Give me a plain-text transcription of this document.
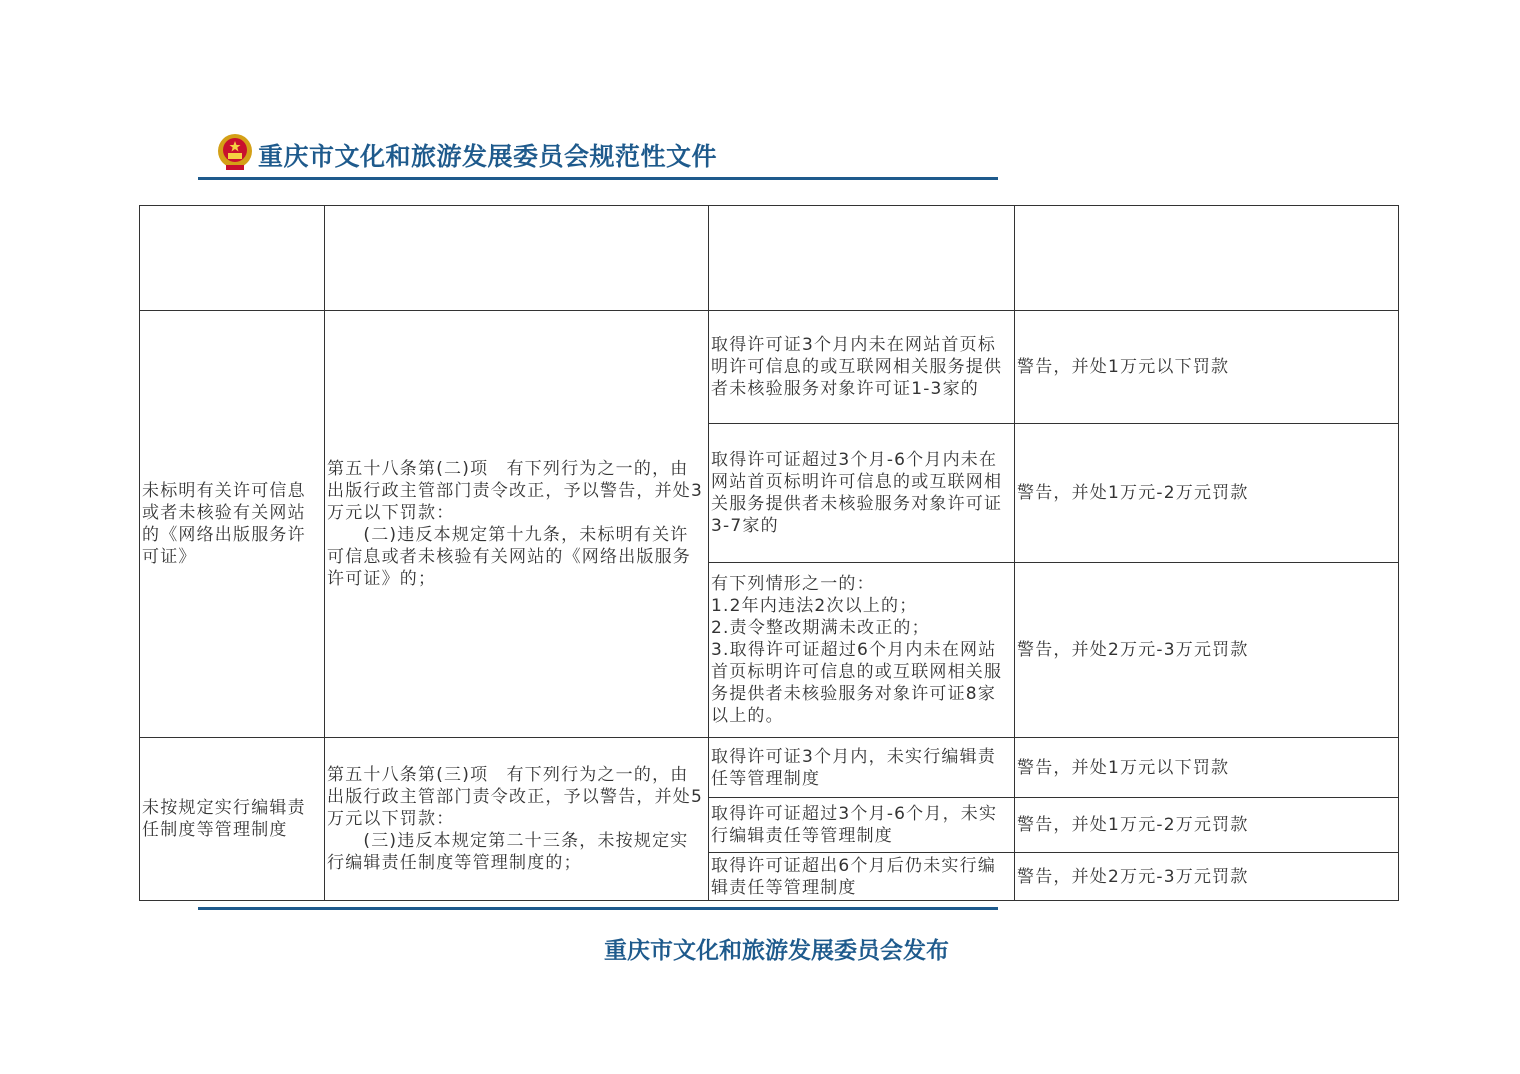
重庆市文化和旅游发展委员会规范性文件
未标明有关许可信息或者未核验有关网站的《网络出版服务许可证》
第五十八条第(二)项　有下列行为之一的，由出版行政主管部门责令改正，予以警告，并处3万元以下罚款：
　　(二)违反本规定第十九条，未标明有关许可信息或者未核验有关网站的《网络出版服务许可证》的；
取得许可证3个月内未在网站首页标明许可信息的或互联网相关服务提供者未核验服务对象许可证1-3家的
警告，并处1万元以下罚款
取得许可证超过3个月-6个月内未在网站首页标明许可信息的或互联网相关服务提供者未核验服务对象许可证3-7家的
警告，并处1万元-2万元罚款
有下列情形之一的：
1.2年内违法2次以上的；
2.责令整改期满未改正的；
3.取得许可证超过6个月内未在网站首页标明许可信息的或互联网相关服务提供者未核验服务对象许可证8家以上的。
警告，并处2万元-3万元罚款
未按规定实行编辑责任制度等管理制度
第五十八条第(三)项　有下列行为之一的，由出版行政主管部门责令改正，予以警告，并处5万元以下罚款：
　　(三)违反本规定第二十三条，未按规定实行编辑责任制度等管理制度的；
取得许可证3个月内，未实行编辑责任等管理制度
警告，并处1万元以下罚款
取得许可证超过3个月-6个月，未实行编辑责任等管理制度
警告，并处1万元-2万元罚款
取得许可证超出6个月后仍未实行编辑责任等管理制度
警告，并处2万元-3万元罚款
重庆市文化和旅游发展委员会发布
